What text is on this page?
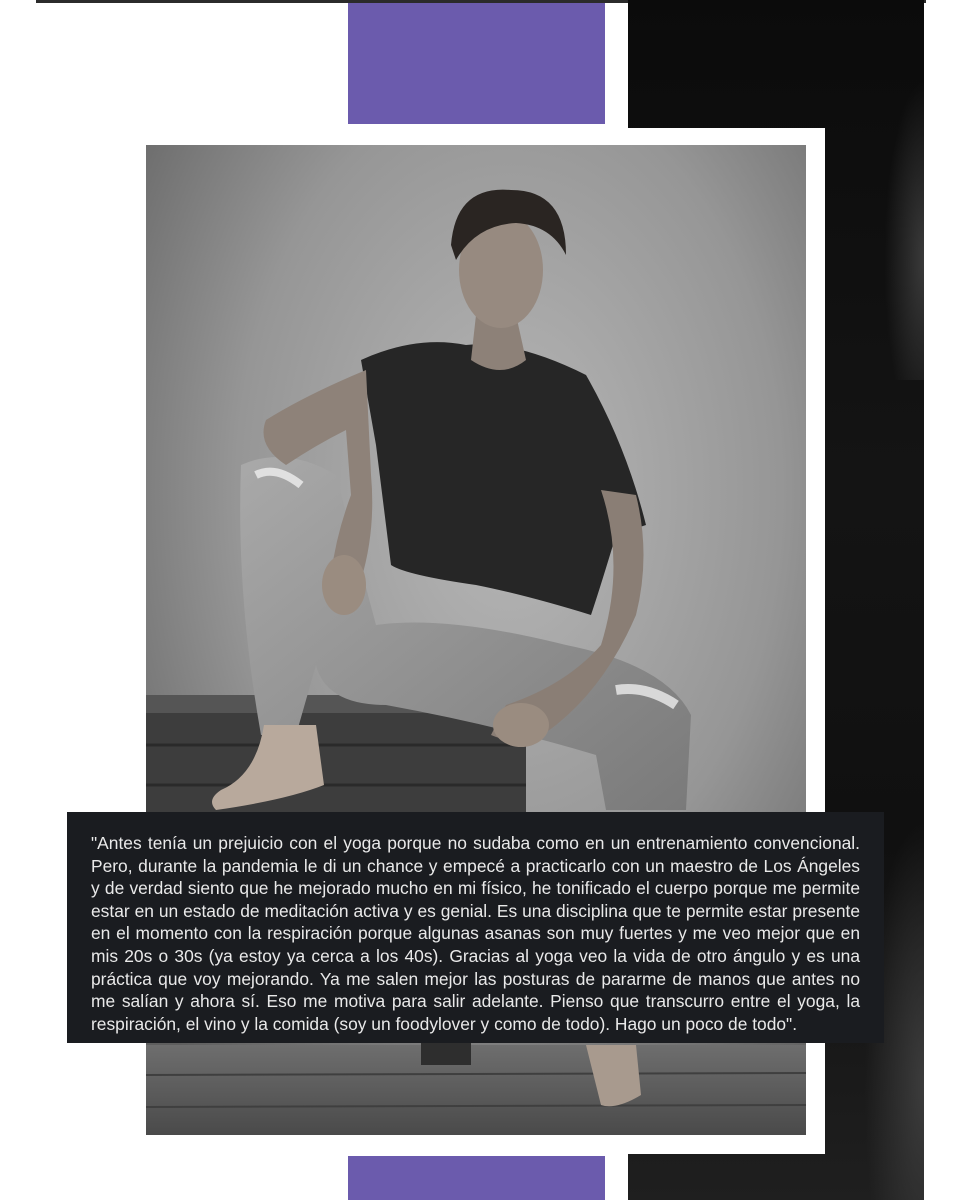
"Antes tenía un prejuicio con el yoga porque no sudaba como en un entrenamiento convencional. Pero, durante la pandemia le di un chance y empecé a practicarlo con un maestro de Los Ángeles y de verdad siento que he mejorado mucho en mi físico, he tonificado el cuerpo porque me permite estar en un estado de meditación activa y es genial. Es una disciplina que te permite estar presente en el momento con la respiración porque algunas asanas son muy fuertes y me veo mejor que en mis 20s o 30s (ya estoy ya cerca a los 40s). Gracias al yoga veo la vida de otro ángulo y es una práctica que voy mejorando. Ya me salen mejor las posturas de pararme de manos que antes no me salían y ahora sí. Eso me motiva para salir adelante. Pienso que transcurro entre el yoga, la respiración, el vino y la comida (soy un foodylover y como de todo). Hago un poco de todo".
